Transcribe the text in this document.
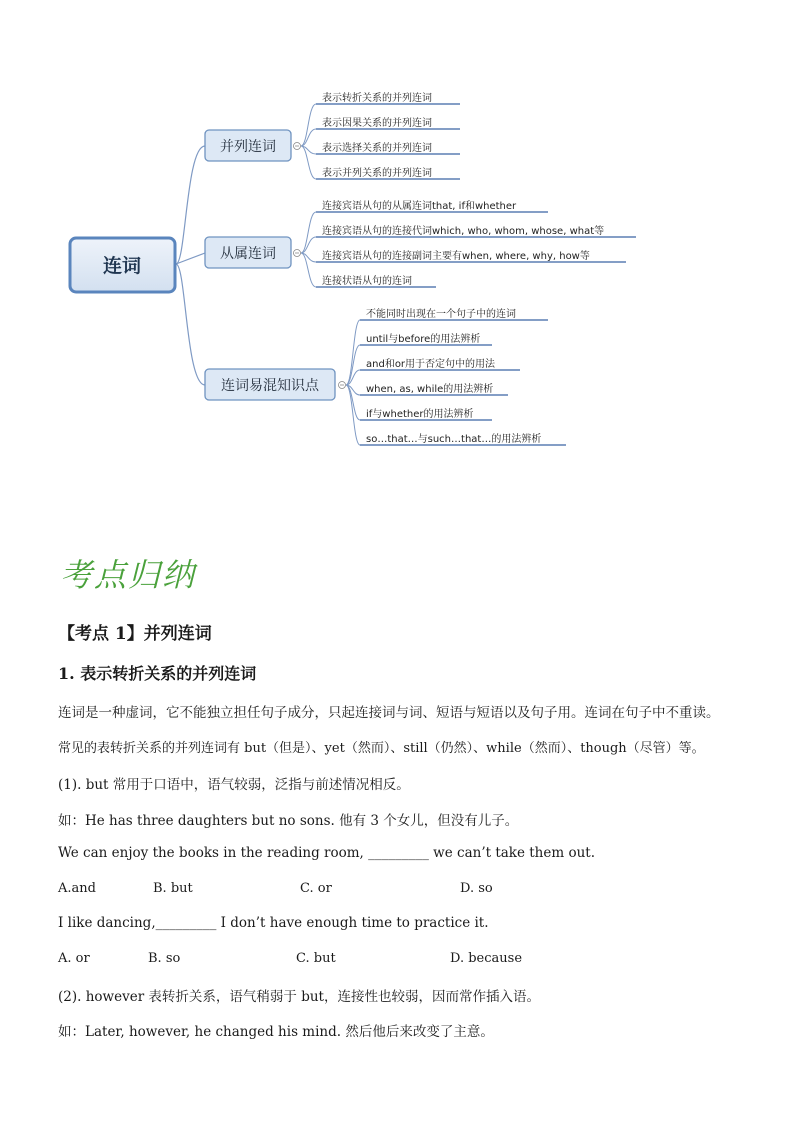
连词
并列连词
表示转折关系的并列连词
表示因果关系的并列连词
表示选择关系的并列连词
表示并列关系的并列连词
从属连词
连接宾语从句的从属连词that, if和whether
连接宾语从句的连接代词which, who, whom, whose, what等
连接宾语从句的连接副词主要有when, where, why, how等
连接状语从句的连词
连词易混知识点
不能同时出现在一个句子中的连词
until与before的用法辨析
and和or用于否定句中的用法
when, as, while的用法辨析
if与whether的用法辨析
so…that…与such…that…的用法辨析
考点归纳
【考点 1】并列连词
1. 表示转折关系的并列连词
连词是一种虚词，它不能独立担任句子成分，只起连接词与词、短语与短语以及句子用。连词在句子中不重读。
常见的表转折关系的并列连词有 but（但是）、yet（然而）、still（仍然）、while（然而）、though（尽管）等。
(1). but 常用于口语中，语气较弱，泛指与前述情况相反。
如：He has three daughters but no sons. 他有 3 个女儿，但没有儿子。
We can enjoy the books in the reading room, _________ we can’t take them out.
A.and	B. but	C. or	D. so
I like dancing,_________ I don’t have enough time to practice it.
A. or	B. so	C. but	D. because
(2). however 表转折关系，语气稍弱于 but，连接性也较弱，因而常作插入语。
如：Later, however, he changed his mind. 然后他后来改变了主意。
